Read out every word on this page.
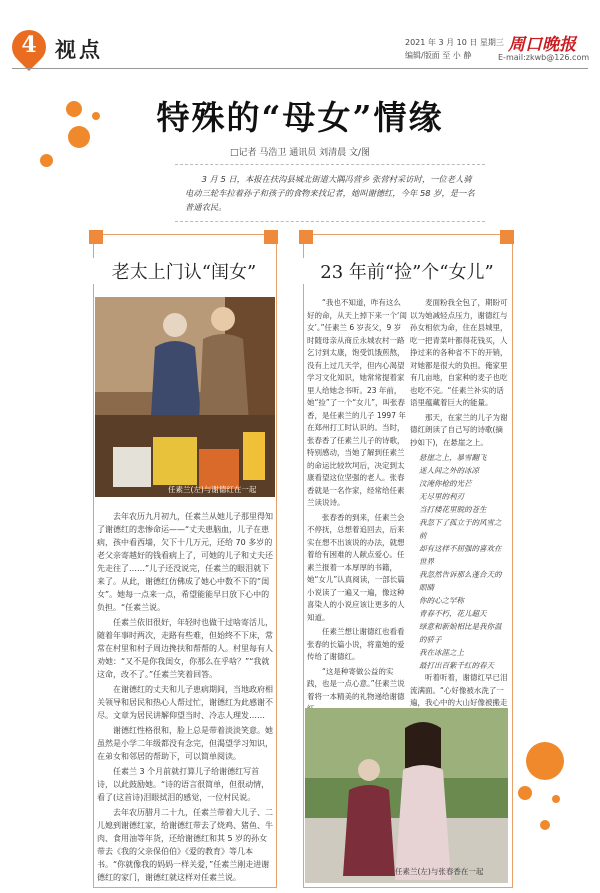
4 视点	2021 年 3 月 10 日 星期三
编辑/版面 至 小 静
周口晚报
E-mail:zkwb@126.com
特殊的“母女”情缘
□记者 马浩卫 通讯员 刘清晨 文/图
3 月 5 日，本报在扶沟县城北街道大隅冯营乡 张营村采访时，一位老人骑电动三轮车拉着孙子和孩子的食物来找记者，她叫谢德红，今年 58 岁，是一名普通农民。
老太上门认“闺女”
任素兰(左)与谢德红在一起

去年农历九月初九，任素兰从她儿子那里得知了谢德红的悲惨命运——“丈夫患脑血，儿子在患病，孩中看西墙，欠下十几万元，还给 70 多岁的老父亲寄越好的钱看病上了，可她的儿子和丈夫还先走往了……”儿子还没说完，任素兰的眼泪就下来了。从此，谢德红仿佛成了她心中数不下的“闺女”。她每一点来一点，希望能能早日放下心中的负担。“任素兰说。

任素兰依旧很好，年轻时也做干过啥寄活儿，随着年事时两次，走路有些难，但始终不下床，常常在村里和村子周边搀扶和帮帮的人。村里每有人劝她：“又不是你我闺女，你那么在乎啥？”“我就这命，改不了。”任素兰笑着回答。

在谢德红的丈夫和儿子患病期间，当地政府相关领导和居民和热心人帮过忙，谢德红为此感谢不尽。文章为居民讲解仰望当时、冷志人理发……

谢德红性格很和，脸上总是带着淡淡笑意。她虽然是小学二年级都没有念完，但渴望学习知识，在弟女和邻居的帮助下，可以简单阅读。

任素兰 3 个月前就打算儿子给谢德红写首诗，以此鼓励她。“诗的语言很简单，但很动情，看了(这首诗)泪眼拭泪的感觉，一位村民说。

去年农历腊月二十九，任素兰带着大儿子、二儿媳到谢德红家，给谢德红带去了烧鸡、猪鱼、牛肉、食用油等年货，还给谢德红和其 5 岁的孙女带去《我的父亲保伯伯》《爱的教育》等几本书。“你就像我的妈妈一样关爱，”任素兰刚走进谢德红的家门，谢德红就这样对任素兰说。

23 年前“捡”个“女儿”

“我也不知道，咋有这么好的命，从天上掉下来一个‘闺女’。”任素兰 6 岁丧父，9 岁时随母亲从商丘永城农村一路乞讨到太康，饱受饥饿煎熬，没有上过几天学，但内心渴望学习文化知识，她常常提着家里人给她念书听。23 年前，她“捡”了一个“女儿”，叫张春香，是任素兰的儿子 1997 年在郑州打工时认识的。当时，张春香了任素兰儿子的诗歌，特别感动，当她了解到任素兰的命运比较坎坷后，决定到太康看望这位坚强的老人。张春香就是一名作家，经常给任素兰读说诗。

张春香的到来，任素兰会不停抚，总想着追回去，后来实在想不出该说的办法，就想着给有困难的人献点爱心。任素兰报着一本厚厚的书籍，她“女儿”认真阅读，一部长篇小说读了一遍又一遍，像这种喜染人的小说应该让更多的人知道。

任素兰想让谢德红也看看张春的长篇小说，将童她的爱传给了谢德红。

“这是种寄做公益的实践，也是一点心意。”任素兰说着将一本精美的礼物递给谢德

麦面粉我全包了，期盼可以为她减轻点压力，谢德红与孙女相依为命，住在县城里，吃一把青菜叶都得花钱买，人挣过来的各种省不下的开销，对她都是很大的负担。俺家里有几亩地，自家种的麦子也吃也吃不完。“任素兰补实的话语里蕴藏着巨大的能量。

那天，在家兰的儿子为谢德红朗读了自己写的诗歌(摘抄如下)，在悬崖之上。

悬崖之上，暴雪翻飞

迷人间之外的冰凉

汶淹你枪的光芒

无尽里的利刃

当打楼花里脱的苍生

我忽下了孤立于的风雪之前

却有这样不屈强的喜欢在世界

我忽然告诉那么蓬合天的眼睛

你的心之罕称

青春不朽，花儿超天

绿意和新娘相比是我你温的骄子

我在冰涯之上

最打出百紫千红的春天

听着听着，谢德红早已泪流满面。“心好像被水洗了一遍，我心中的大山好像被搬走

任素兰(左)与张春香在一起
